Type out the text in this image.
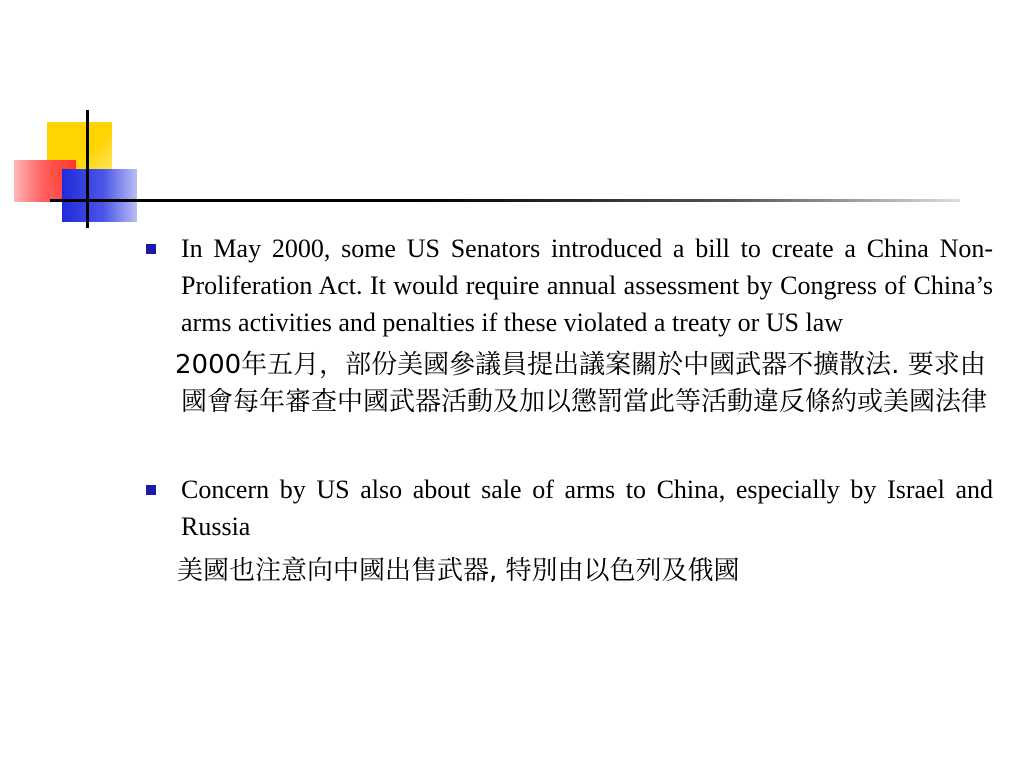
In May 2000, some US Senators introduced a bill to create a China Non-Proliferation Act. It would require annual assessment by Congress of China’s arms activities and penalties if these violated a treaty or US law
2000年五月，部份美國參議員提出議案關於中國武器不擴散法. 要求由國會每年審查中國武器活動及加以懲罰當此等活動違反條約或美國法律
Concern by US also about sale of arms to China, especially by Israel and Russia
美國也注意向中國出售武器, 特別由以色列及俄國
